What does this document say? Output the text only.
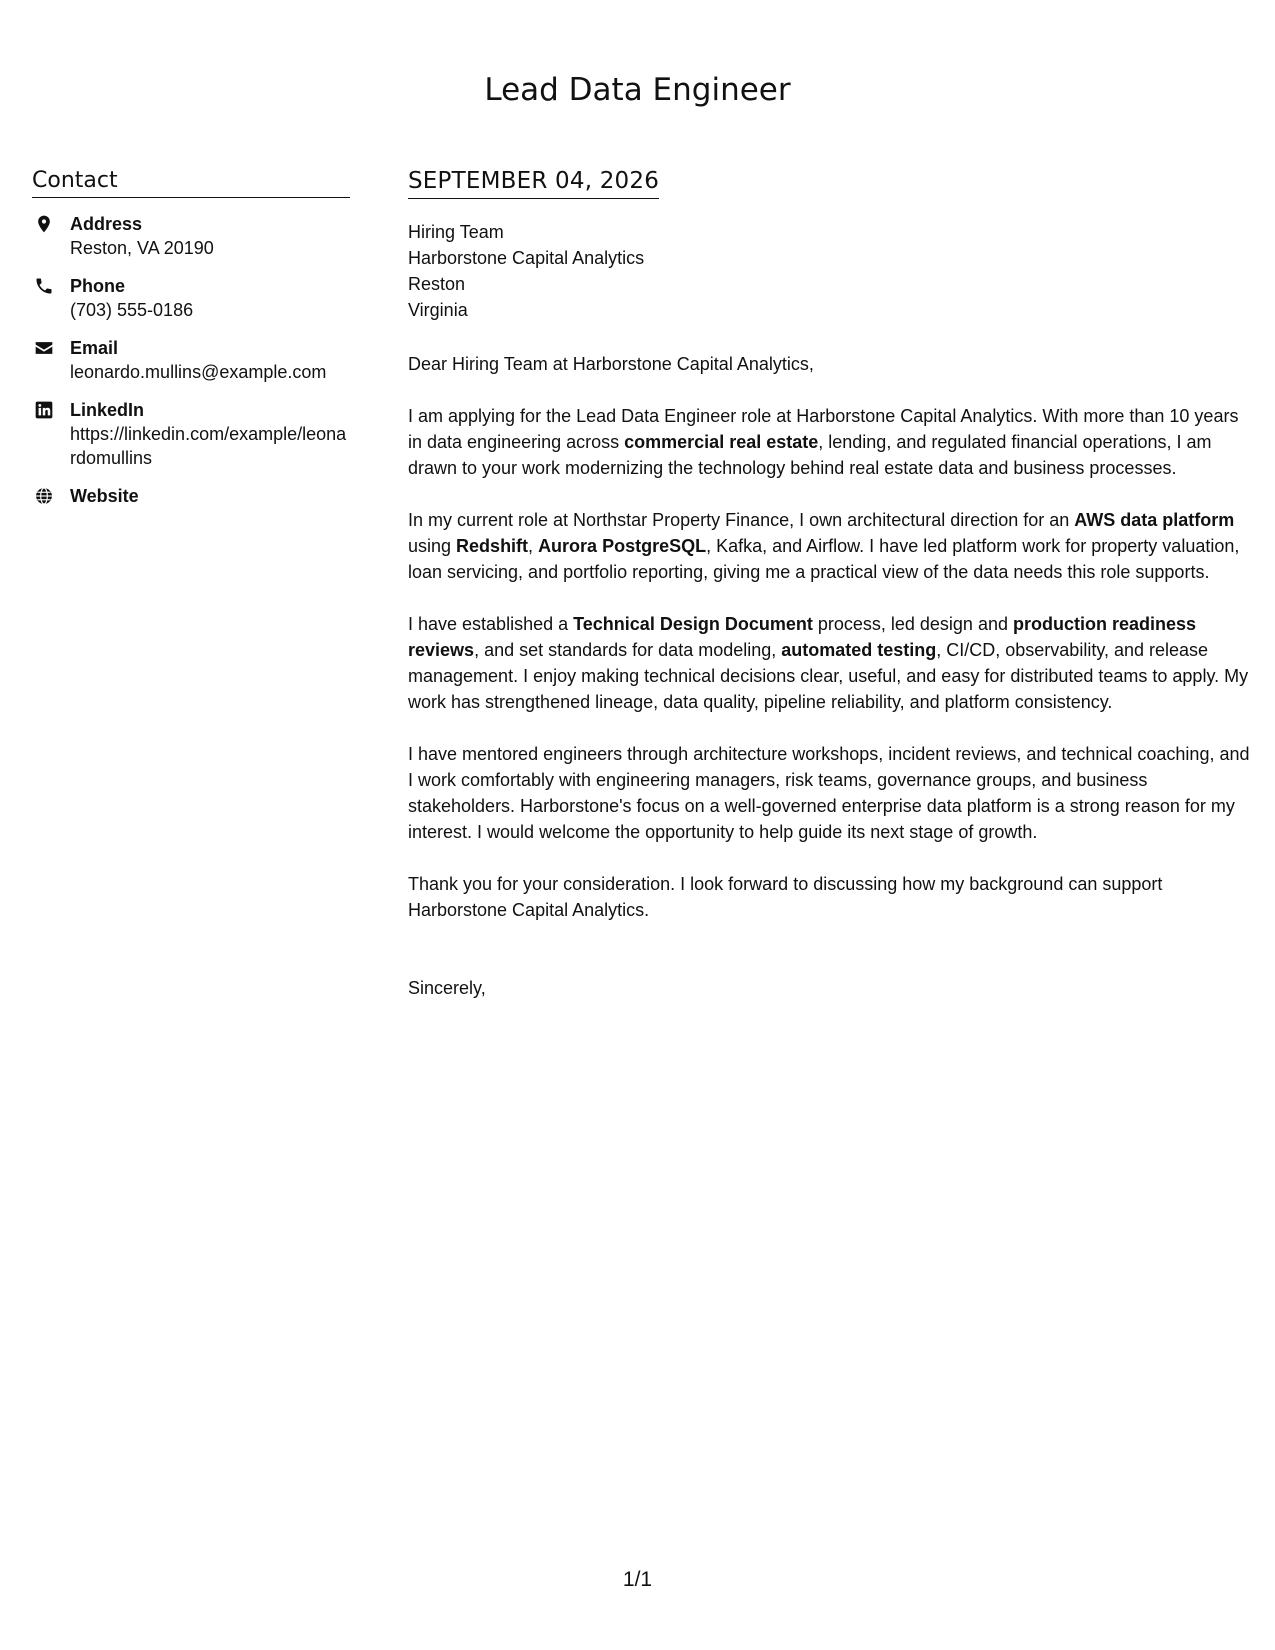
Lead Data Engineer
Contact
Address
Reston, VA 20190
Phone
(703) 555-0186
Email
leonardo.mullins@example.com
LinkedIn
https://linkedin.com/example/leonardomullins
Website
SEPTEMBER 04, 2026
Hiring Team
Harborstone Capital Analytics
Reston
Virginia
Dear Hiring Team at Harborstone Capital Analytics,

I am applying for the Lead Data Engineer role at Harborstone Capital Analytics. With more than 10 years in data engineering across commercial real estate, lending, and regulated financial operations, I am drawn to your work modernizing the technology behind real estate data and business processes.

In my current role at Northstar Property Finance, I own architectural direction for an AWS data platform using Redshift, Aurora PostgreSQL, Kafka, and Airflow. I have led platform work for property valuation, loan servicing, and portfolio reporting, giving me a practical view of the data needs this role supports.

I have established a Technical Design Document process, led design and production readiness reviews, and set standards for data modeling, automated testing, CI/CD, observability, and release management. I enjoy making technical decisions clear, useful, and easy for distributed teams to apply. My work has strengthened lineage, data quality, pipeline reliability, and platform consistency.

I have mentored engineers through architecture workshops, incident reviews, and technical coaching, and I work comfortably with engineering managers, risk teams, governance groups, and business stakeholders. Harborstone's focus on a well-governed enterprise data platform is a strong reason for my interest. I would welcome the opportunity to help guide its next stage of growth.

Thank you for your consideration. I look forward to discussing how my background can support Harborstone Capital Analytics.

Sincerely,
1/1
